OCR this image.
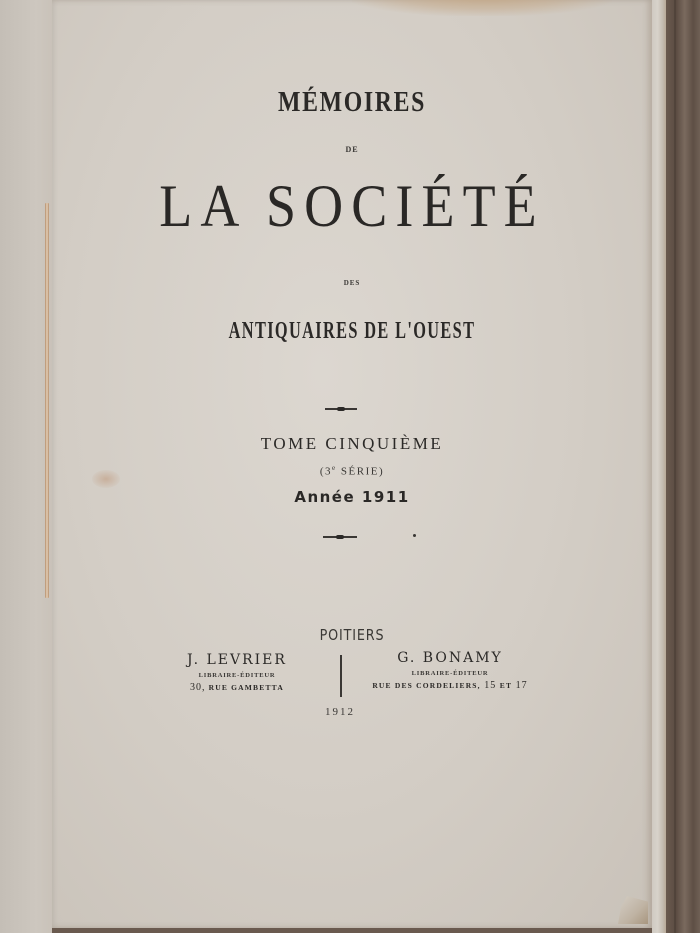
MÉMOIRES
DE
LA SOCIÉTÉ
DES
ANTIQUAIRES DE L'OUEST
TOME CINQUIÈME
(3e SÉRIE)
Année 1911
POITIERS
J. LEVRIER
LIBRAIRE-ÉDITEUR
30, RUE GAMBETTA
G. BONAMY
LIBRAIRE-ÉDITEUR
RUE DES CORDELIERS, 15 ET 17
1912
